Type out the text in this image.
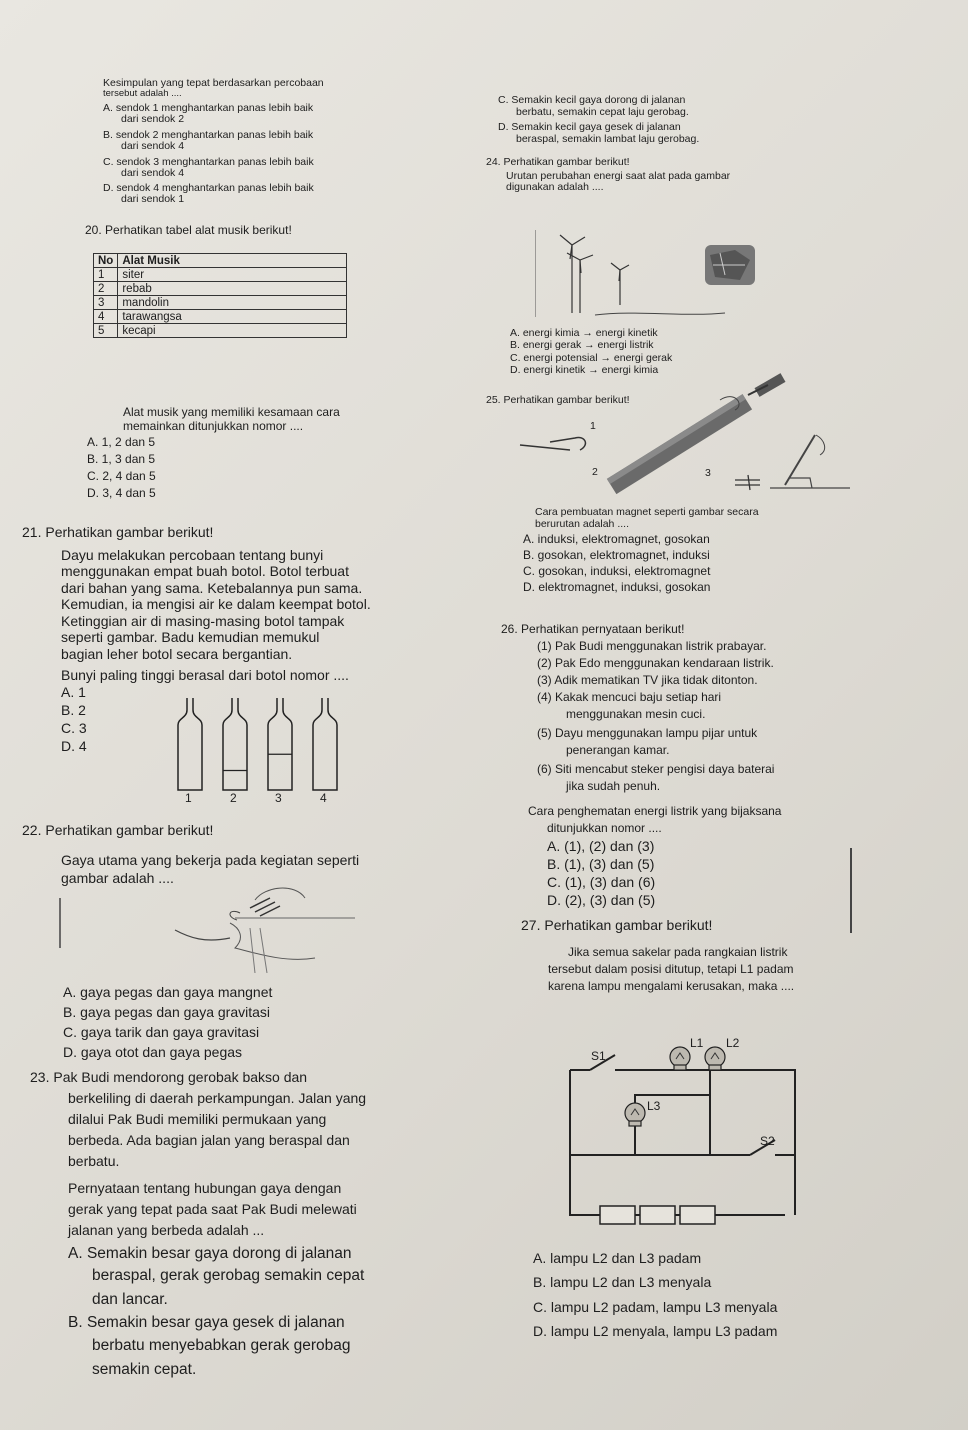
Kesimpulan yang tepat berdasarkan percobaan
tersebut adalah ....
A. sendok 1 menghantarkan panas lebih baik
dari sendok 2
B. sendok 2 menghantarkan panas lebih baik
dari sendok 4
C. sendok 3 menghantarkan panas lebih baik
dari sendok 4
D. sendok 4 menghantarkan panas lebih baik
dari sendok 1
C. Semakin kecil gaya dorong di jalanan
berbatu, semakin cepat laju gerobag.
D. Semakin kecil gaya gesek di jalanan
beraspal, semakin lambat laju gerobag.
20. Perhatikan tabel alat musik berikut!
No	Alat Musik
1	siter
2	rebab
3	mandolin
4	tarawangsa
5	kecapi
Alat musik yang memiliki kesamaan cara
memainkan ditunjukkan nomor ....
A. 1, 2 dan 5
B. 1, 3 dan 5
C. 2, 4 dan 5
D. 3, 4 dan 5
21. Perhatikan gambar berikut!
Dayu melakukan percobaan tentang bunyi
menggunakan empat buah botol. Botol terbuat
dari bahan yang sama. Ketebalannya pun sama.
Kemudian, ia mengisi air ke dalam keempat botol.
Ketinggian air di masing-masing botol tampak
seperti gambar. Badu kemudian memukul
bagian leher botol secara bergantian.
Bunyi paling tinggi berasal dari botol nomor ....
A. 1
B. 2
C. 3
D. 4
1	2	3	4
22. Perhatikan gambar berikut!
Gaya utama yang bekerja pada kegiatan seperti
gambar adalah ....
A. gaya pegas dan gaya mangnet
B. gaya pegas dan gaya gravitasi
C. gaya tarik dan gaya gravitasi
D. gaya otot dan gaya pegas
23. Pak Budi mendorong gerobak bakso dan
berkeliling di daerah perkampungan. Jalan yang
dilalui Pak Budi memiliki permukaan yang
berbeda. Ada bagian jalan yang beraspal dan
berbatu.
Pernyataan tentang hubungan gaya dengan
gerak yang tepat pada saat Pak Budi melewati
jalanan yang berbeda adalah ...
A. Semakin besar gaya dorong di jalanan
beraspal, gerak gerobag semakin cepat
dan lancar.
B. Semakin besar gaya gesek di jalanan
berbatu menyebabkan gerak gerobag
semakin cepat.
24. Perhatikan gambar berikut!
Urutan perubahan energi saat alat pada gambar
digunakan adalah ....
A. energi kimia → energi kinetik
B. energi gerak → energi listrik
C. energi potensial → energi gerak
D. energi kinetik → energi kimia
25. Perhatikan gambar berikut!
1
2	3
Cara pembuatan magnet seperti gambar secara
berurutan adalah ....
A. induksi, elektromagnet, gosokan
B. gosokan, elektromagnet, induksi
C. gosokan, induksi, elektromagnet
D. elektromagnet, induksi, gosokan
26. Perhatikan pernyataan berikut!
(1) Pak Budi menggunakan listrik prabayar.
(2) Pak Edo menggunakan kendaraan listrik.
(3) Adik mematikan TV jika tidak ditonton.
(4) Kakak mencuci baju setiap hari
menggunakan mesin cuci.
(5) Dayu menggunakan lampu pijar untuk
penerangan kamar.
(6) Siti mencabut steker pengisi daya baterai
jika sudah penuh.
Cara penghematan energi listrik yang bijaksana
ditunjukkan nomor ....
A. (1), (2) dan (3)
B. (1), (3) dan (5)
C. (1), (3) dan (6)
D. (2), (3) dan (5)
27. Perhatikan gambar berikut!
Jika semua sakelar pada rangkaian listrik
tersebut dalam posisi ditutup, tetapi L1 padam
karena lampu mengalami kerusakan, maka ....
S1
L1 L2
L3
S2
A. lampu L2 dan L3 padam
B. lampu L2 dan L3 menyala
C. lampu L2 padam, lampu L3 menyala
D. lampu L2 menyala, lampu L3 padam
